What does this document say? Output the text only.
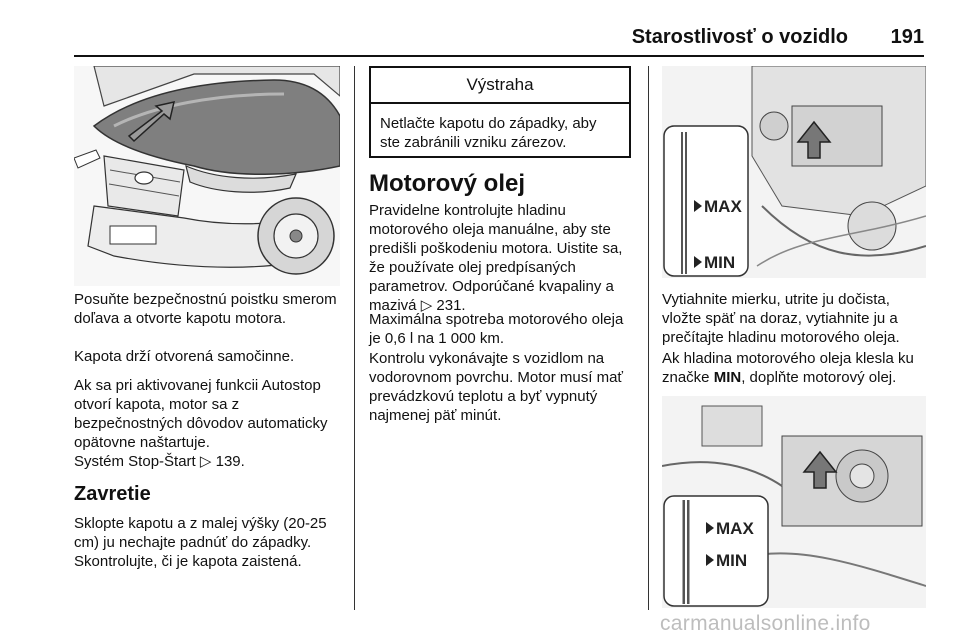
Starostlivosť o vozidlo 191

Posuňte bezpečnostnú poistku smerom doľava a otvorte kapotu motora.

Kapota drží otvorená samočinne.

Ak sa pri aktivovanej funkcii Autostop otvorí kapota, motor sa z bezpečnostných dôvodov automaticky opätovne naštartuje.

Systém Stop-Štart ▷ 139.

Zavretie

Sklopte kapotu a z malej výšky (20-25 cm) ju nechajte padnúť do západky. Skontrolujte, či je kapota zaistená.

Výstraha
Netlačte kapotu do západky, aby ste zabránili vzniku zárezov.
Motorový olej

Pravidelne kontrolujte hladinu motorového oleja manuálne, aby ste predišli poškodeniu motora. Uistite sa, že používate olej predpísaných parametrov. Odporúčané kvapaliny a mazivá ▷ 231.

Maximálna spotreba motorového oleja je 0,6 l na 1 000 km.

Kontrolu vykonávajte s vozidlom na vodorovnom povrchu. Motor musí mať prevádzkovú teplotu a byť vypnutý najmenej päť minút.

MAX
MIN

Vytiahnite mierku, utrite ju dočista, vložte späť na doraz, vytiahnite ju a prečítajte hladinu motorového oleja.

Ak hladina motorového oleja klesla ku značke MIN, doplňte motorový olej.

MAX
MIN
carmanualsonline.info
